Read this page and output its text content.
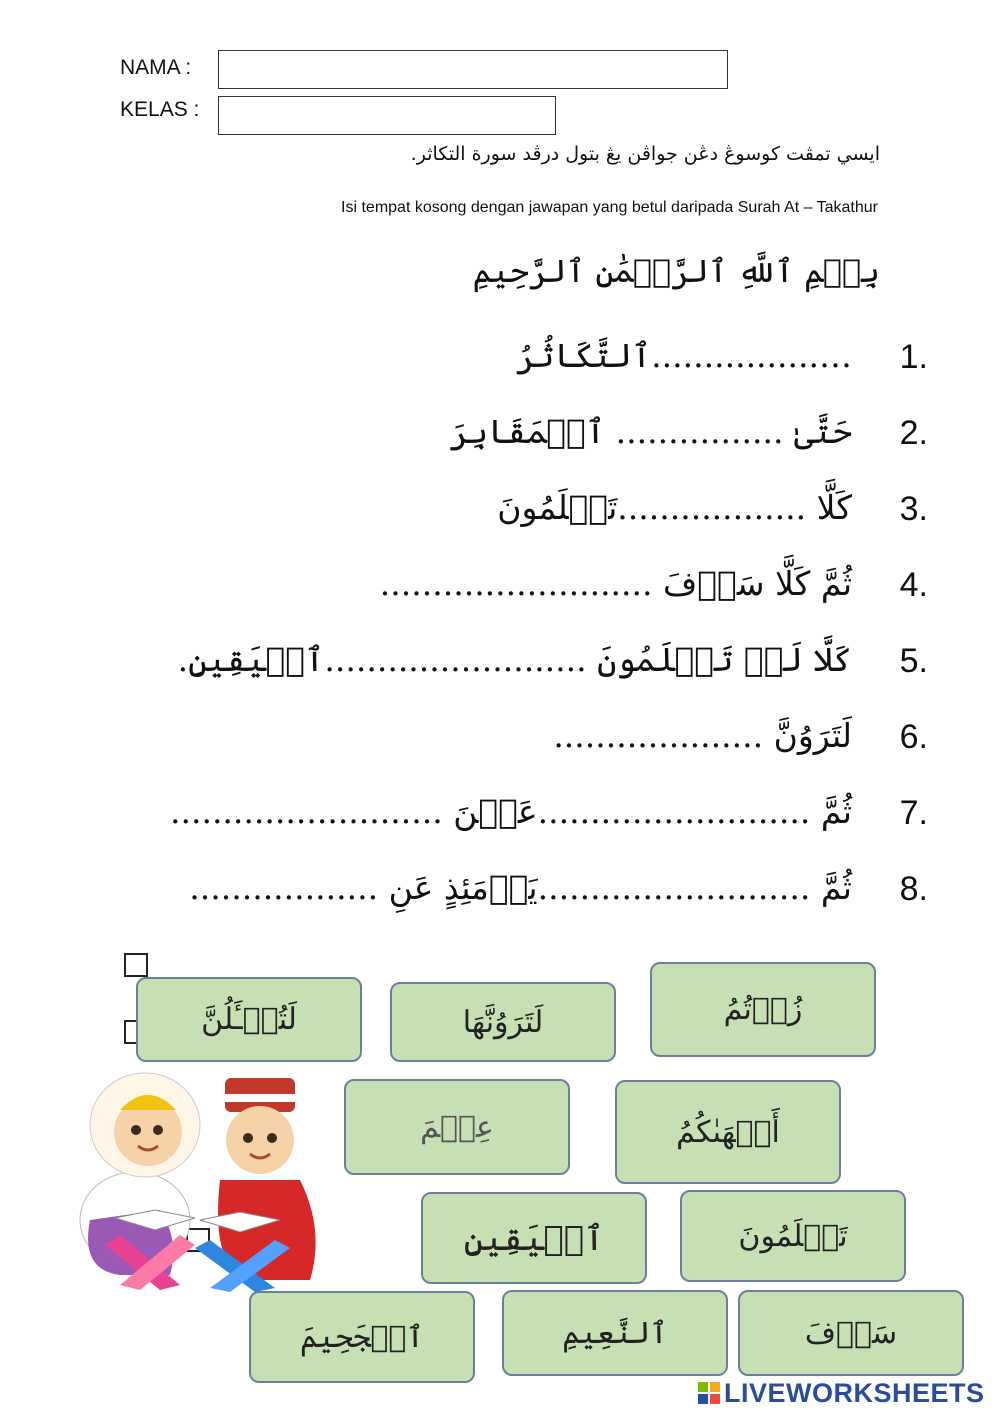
NAMA :
KELAS :
ايسي تمڤت كوسوڠ دڠن جواڤن يڠ بتول درڤد سورة التكاثر.
Isi tempat kosong dengan jawapan yang betul daripada Surah At – Takathur
بِسۡمِ ٱللَّهِ ٱلرَّحۡمَٰنِ ٱلرَّحِيمِ
1.
…................ٱلتَّكَاثُرُ
2.
حَتَّىٰ ................ ٱلۡمَقَابِرَ
3.
كَلَّا ..................تَعۡلَمُونَ
4.
ثُمَّ كَلَّا سَوۡفَ ..........................
5.
كَلَّا لَوۡ تَعۡلَمُونَ .........................ٱلۡيَقِينِ.
6.
لَتَرَوُنَّ ....................
7.
ثُمَّ ..........................عَيۡنَ ..........................
8.
ثُمَّ ..........................يَوۡمَئِذٍ عَنِ ..................
لَتُسۡـَٔلُنَّ	لَتَرَوُنَّهَا	زُرۡتُمُ
عِلۡمَ	أَلۡهَىٰكُمُ
ٱلۡيَقِينِ	تَعۡلَمُونَ
ٱلۡجَحِيمَ	ٱلنَّعِيمِ	سَوۡفَ
LIVEWORKSHEETS
